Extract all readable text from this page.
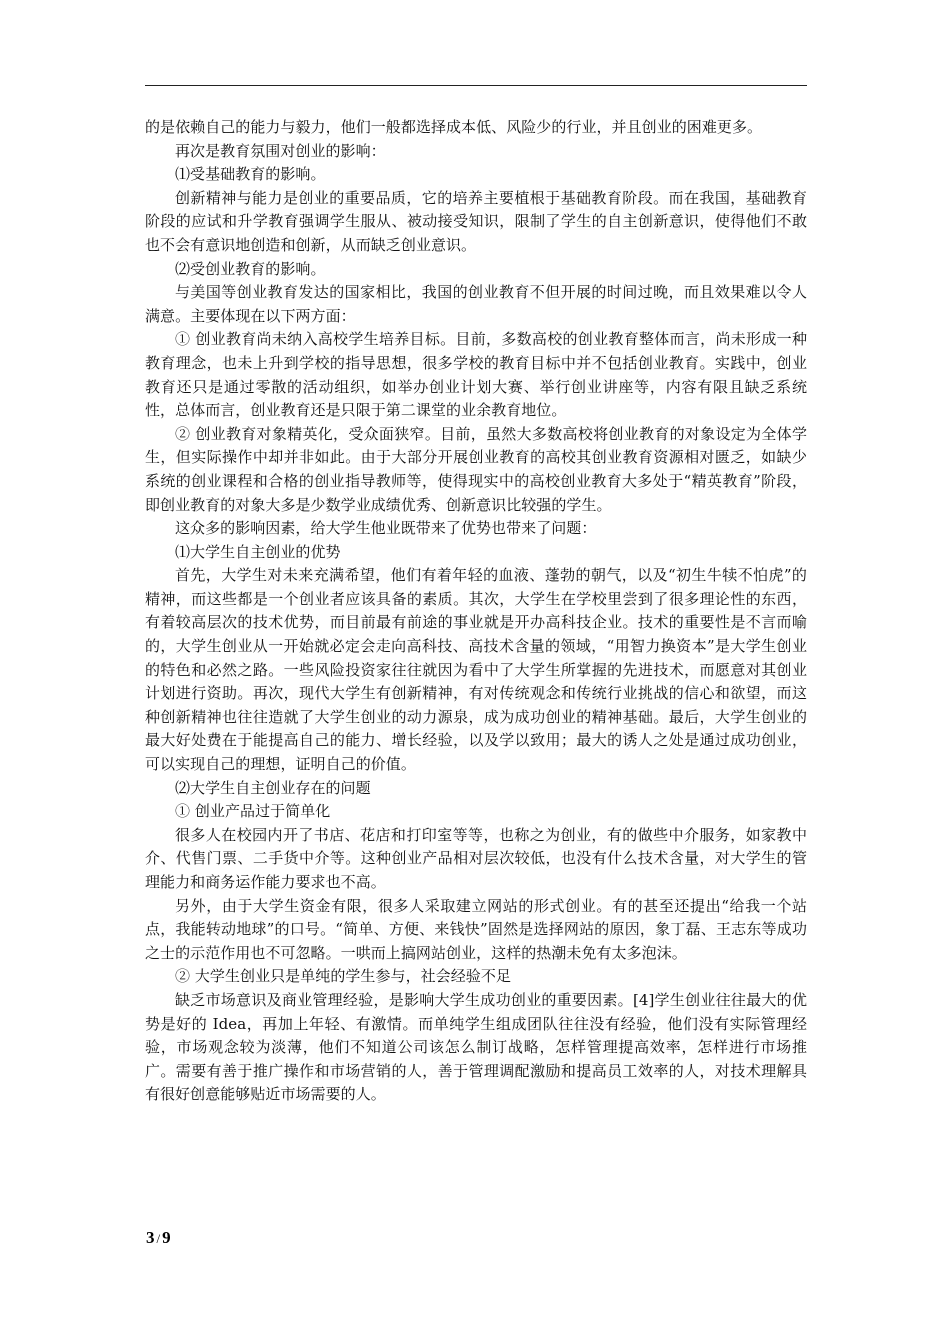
的是依赖自己的能力与毅力，他们一般都选择成本低、风险少的行业，并且创业的困难更多。

再次是教育氛围对创业的影响：

⑴受基础教育的影响。

创新精神与能力是创业的重要品质，它的培养主要植根于基础教育阶段。而在我国，基础教育阶段的应试和升学教育强调学生服从、被动接受知识，限制了学生的自主创新意识，使得他们不敢也不会有意识地创造和创新，从而缺乏创业意识。

⑵受创业教育的影响。

与美国等创业教育发达的国家相比，我国的创业教育不但开展的时间过晚，而且效果难以令人满意。主要体现在以下两方面：

① 创业教育尚未纳入高校学生培养目标。目前，多数高校的创业教育整体而言，尚未形成一种教育理念，也未上升到学校的指导思想，很多学校的教育目标中并不包括创业教育。实践中，创业教育还只是通过零散的活动组织，如举办创业计划大赛、举行创业讲座等，内容有限且缺乏系统性，总体而言，创业教育还是只限于第二课堂的业余教育地位。

② 创业教育对象精英化，受众面狭窄。目前，虽然大多数高校将创业教育的对象设定为全体学生，但实际操作中却并非如此。由于大部分开展创业教育的高校其创业教育资源相对匮乏，如缺少系统的创业课程和合格的创业指导教师等，使得现实中的高校创业教育大多处于“精英教育”阶段，即创业教育的对象大多是少数学业成绩优秀、创新意识比较强的学生。

这众多的影响因素，给大学生他业既带来了优势也带来了问题：

⑴大学生自主创业的优势

首先，大学生对未来充满希望，他们有着年轻的血液、蓬勃的朝气，以及“初生牛犊不怕虎”的精神，而这些都是一个创业者应该具备的素质。其次，大学生在学校里尝到了很多理论性的东西，有着较高层次的技术优势，而目前最有前途的事业就是开办高科技企业。技术的重要性是不言而喻的，大学生创业从一开始就必定会走向高科技、高技术含量的领域，“用智力换资本”是大学生创业的特色和必然之路。一些风险投资家往往就因为看中了大学生所掌握的先进技术，而愿意对其创业计划进行资助。再次，现代大学生有创新精神，有对传统观念和传统行业挑战的信心和欲望，而这种创新精神也往往造就了大学生创业的动力源泉，成为成功创业的精神基础。最后，大学生创业的最大好处费在于能提高自己的能力、增长经验，以及学以致用；最大的诱人之处是通过成功创业，可以实现自己的理想，证明自己的价值。

⑵大学生自主创业存在的问题

① 创业产品过于简单化

很多人在校园内开了书店、花店和打印室等等，也称之为创业，有的做些中介服务，如家教中介、代售门票、二手货中介等。这种创业产品相对层次较低，也没有什么技术含量，对大学生的管理能力和商务运作能力要求也不高。

另外，由于大学生资金有限，很多人采取建立网站的形式创业。有的甚至还提出“给我一个站点，我能转动地球”的口号。“简单、方便、来钱快”固然是选择网站的原因，象丁磊、王志东等成功之士的示范作用也不可忽略。一哄而上搞网站创业，这样的热潮未免有太多泡沫。

② 大学生创业只是单纯的学生参与，社会经验不足

缺乏市场意识及商业管理经验，是影响大学生成功创业的重要因素。[4]学生创业往往最大的优势是好的 Idea，再加上年轻、有激情。而单纯学生组成团队往往没有经验，他们没有实际管理经验，市场观念较为淡薄，他们不知道公司该怎么制订战略，怎样管理提高效率，怎样进行市场推广。需要有善于推广操作和市场营销的人，善于管理调配激励和提高员工效率的人，对技术理解具有很好创意能够贴近市场需要的人。

3 / 9
